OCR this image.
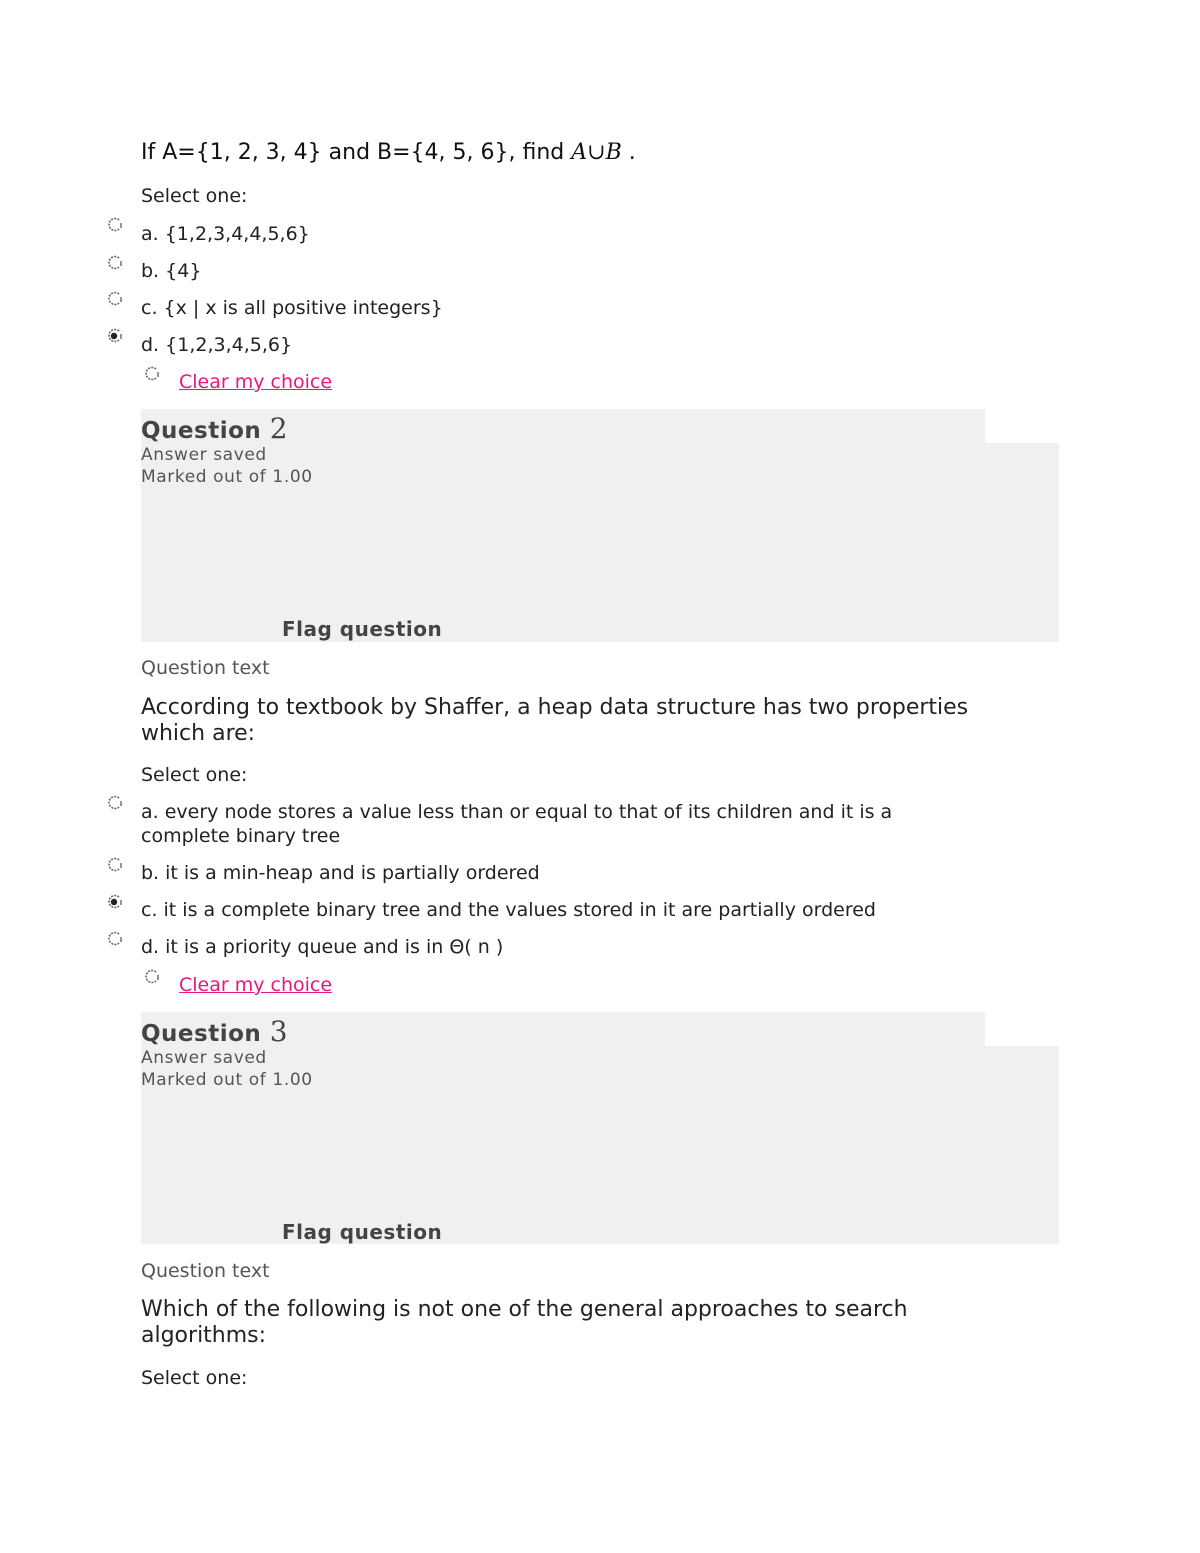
If A={1, 2, 3, 4} and B={4, 5, 6}, find A∪B .
Select one:
a. {1,2,3,4,4,5,6}
b. {4}
c. {x | x is all positive integers}
d. {1,2,3,4,5,6}
Clear my choice
Question 2
Answer saved
Marked out of 1.00
Flag question
Question text
According to textbook by Shaffer, a heap data structure has two properties which are:
Select one:
a. every node stores a value less than or equal to that of its children and it is a complete binary tree
b. it is a min-heap and is partially ordered
c. it is a complete binary tree and the values stored in it are partially ordered
d. it is a priority queue and is in Θ( n )
Clear my choice
Question 3
Answer saved
Marked out of 1.00
Flag question
Question text
Which of the following is not one of the general approaches to search algorithms:
Select one:
